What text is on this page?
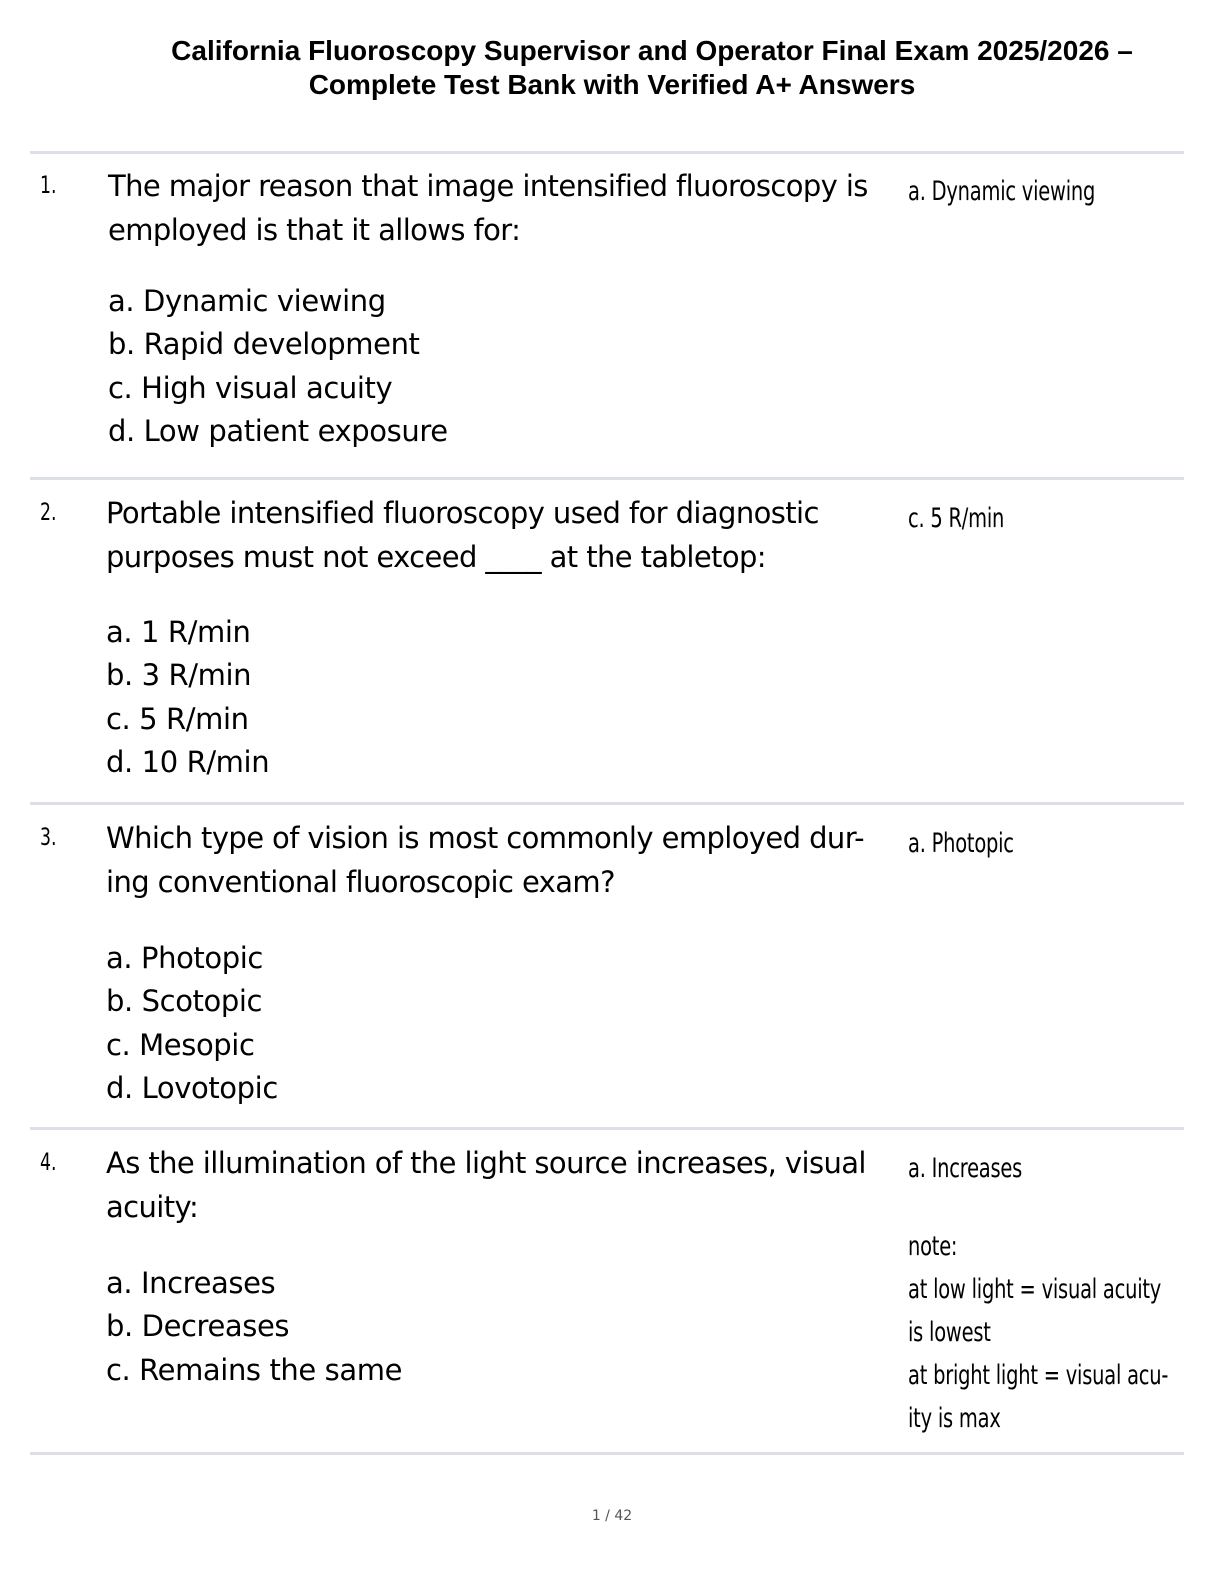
California Fluoroscopy Supervisor and Operator Final Exam 2025/2026 –
Complete Test Bank with Verified A+ Answers
1. The major reason that image intensified fluoroscopy is employed is that it allows for:
a. Dynamic viewing
a. Dynamic viewing
b. Rapid development
c. High visual acuity
d. Low patient exposure
2. Portable intensified fluoroscopy used for diagnostic purposes must not exceed ____ at the tabletop:
c. 5 R/min
a. 1 R/min
b. 3 R/min
c. 5 R/min
d. 10 R/min
3. Which type of vision is most commonly employed dur- ing conventional fluoroscopic exam?
a. Photopic
a. Photopic
b. Scotopic
c. Mesopic
d. Lovotopic
4. As the illumination of the light source increases, visual acuity:
a. Increases
note:
at low light = visual acuity
is lowest
at bright light = visual acu-
ity is max
a. Increases
b. Decreases
c. Remains the same
1 / 42
